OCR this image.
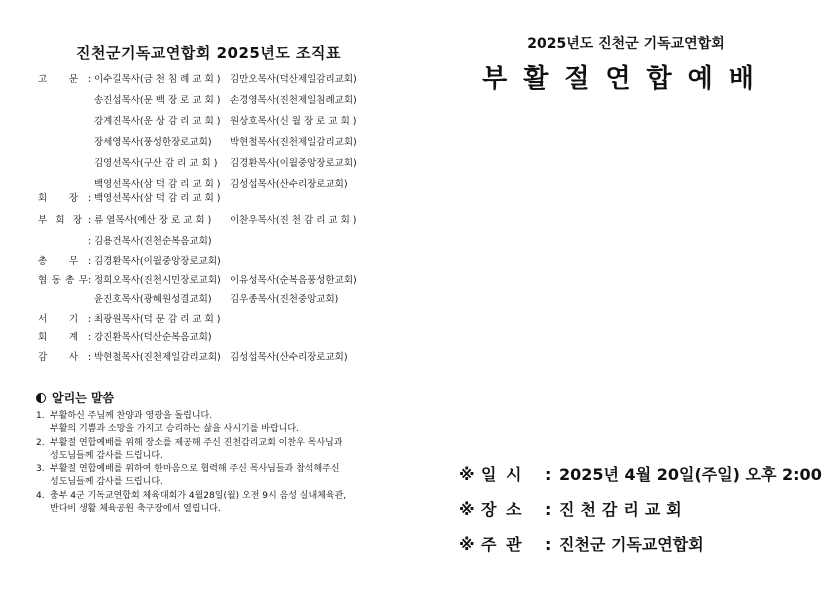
진천군기독교연합회 2025년도 조직표
고 문 : 이수길목사(금 천 침 례 교 회 ) 김만오목사(덕산제일감리교회)
송진섭목사(문 백 장 로 교 회 ) 손경영목사(진천제일침례교회)
강계진목사(운 상 감 리 교 회 ) 원상호목사(신 월 장 로 교 회 )
장세영목사(풍성한장로교회) 박현철목사(진천제일감리교회)
김영선목사(구산 감 리 교 회 ) 김경환목사(이월중앙장로교회)
백영선목사(삼 덕 감 리 교 회 ) 김성섭목사(산수리장로교회)
회 장 : 백영선목사(삼 덕 감 리 교 회 )
부 회 장 : 류 열목사(예산 장 로 교 회 ) 이찬우목사(진 천 감 리 교 회 )
: 김용건목사(진천순복음교회)
총 무 : 김경환목사(이월중앙장로교회)
협 동 총 무 : 정희오목사(진천시민장로교회) 이유성목사(순복음풍성한교회)
윤진호목사(광혜원성결교회) 김우종목사(진천중앙교회)
서 기 : 최광원목사(덕 문 감 리 교 회 )
회 계 : 강진환목사(덕산순복음교회)
감 사 : 박현철목사(진천제일감리교회) 김성섭목사(산수리장로교회)
알리는 말씀
1. 부활하신 주님께 찬양과 영광을 돌립니다.
부활의 기쁨과 소망을 가지고 승리하는 삶을 사시기를 바랍니다.
2. 부활절 연합예배를 위해 장소를 제공해 주신 진천감리교회 이찬우 목사님과
성도님들께 감사를 드립니다.
3. 부활절 연합예배를 위하여 한마음으로 협력해 주신 목사님들과 참석해주신
성도님들께 감사를 드립니다.
4. 충부 4군 기독교연합회 체육대회가 4월28일(월) 오전 9시 음성 실내체육관,
반다비 생활 체육공원 축구장에서 열립니다.
2025년도 진천군 기독교연합회
부활절연합예배
※ 일 시	: 2025년 4월 20일(주일) 오후 2:00
※ 장 소	: 진천감리교회
※ 주 관	: 진천군 기독교연합회
